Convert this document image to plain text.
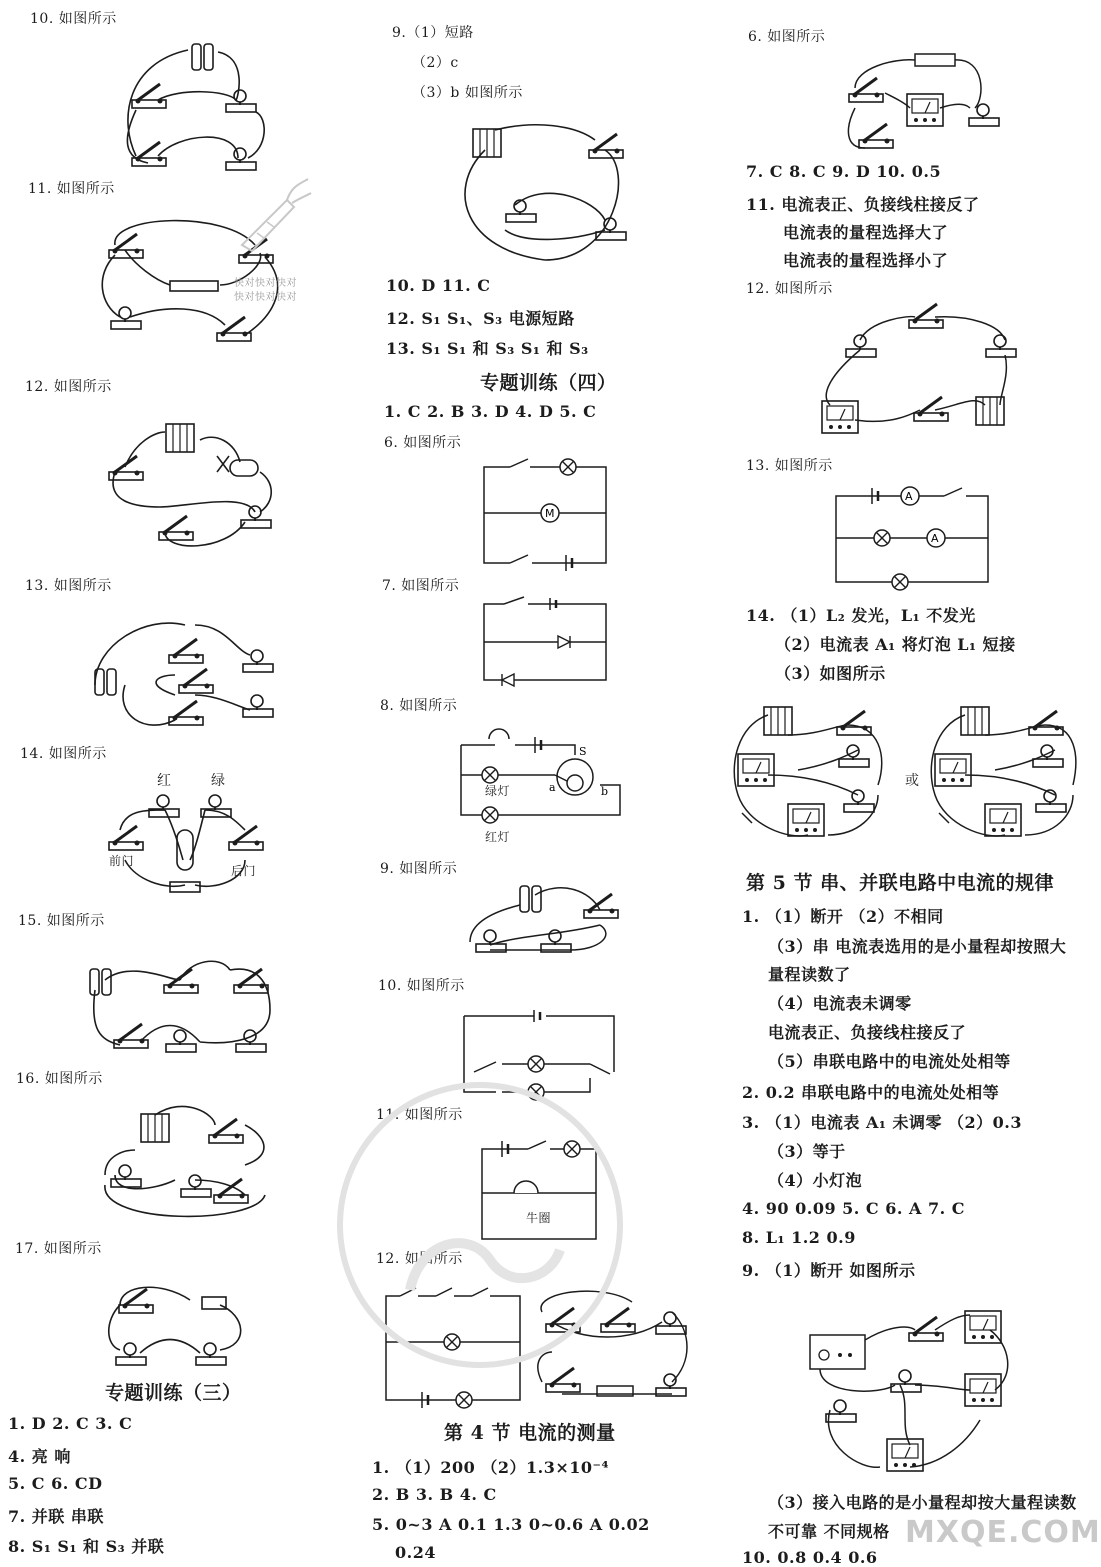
10. 如图所示
11. 如图所示
12. 如图所示
13. 如图所示
14. 如图所示
红	绿
前门
后门
15. 如图所示
16. 如图所示
17. 如图所示
专题训练（三）
1. D 2. C 3. C
4. 亮 响
5. C 6. CD
7. 并联 串联
8. S₁ S₁ 和 S₃ 并联
9.（1）短路
（2）c
（3）b 如图所示
10. D 11. C
12. S₁ S₁、S₃ 电源短路
13. S₁ S₁ 和 S₃ S₁ 和 S₃
专题训练（四）
1. C 2. B 3. D 4. D 5. C
6. 如图所示
M
7. 如图所示
8. 如图所示
a	b
S
绿灯
红灯
9. 如图所示
10. 如图所示
11. 如图所示
牛圈
12. 如图所示
第 4 节 电流的测量
1. （1）200 （2）1.3×10⁻⁴
2. B 3. B 4. C
5. 0~3 A 0.1 1.3 0~0.6 A 0.02
0.24
6. 如图所示
7. C 8. C 9. D 10. 0.5
11. 电流表正、负接线柱接反了
电流表的量程选择大了
电流表的量程选择小了
12. 如图所示
13. 如图所示
A
A
14. （1）L₂ 发光，L₁ 不发光
（2）电流表 A₁ 将灯泡 L₁ 短接
（3）如图所示
或
第 5 节 串、并联电路中电流的规律
1. （1）断开 （2）不相同
（3）串 电流表选用的是小量程却按照大
量程读数了
（4）电流表未调零
电流表正、负接线柱接反了
（5）串联电路中的电流处处相等
2. 0.2 串联电路中的电流处处相等
3. （1）电流表 A₁ 未调零 （2）0.3
（3）等于
（4）小灯泡
4. 90 0.09 5. C 6. A 7. C
8. L₁ 1.2 0.9
9. （1）断开 如图所示
（3）接入电路的是小量程却按大量程读数
不可靠 不同规格
10. 0.8 0.4 0.6
快对快对快对
快对快对快对
MXQE.COM
